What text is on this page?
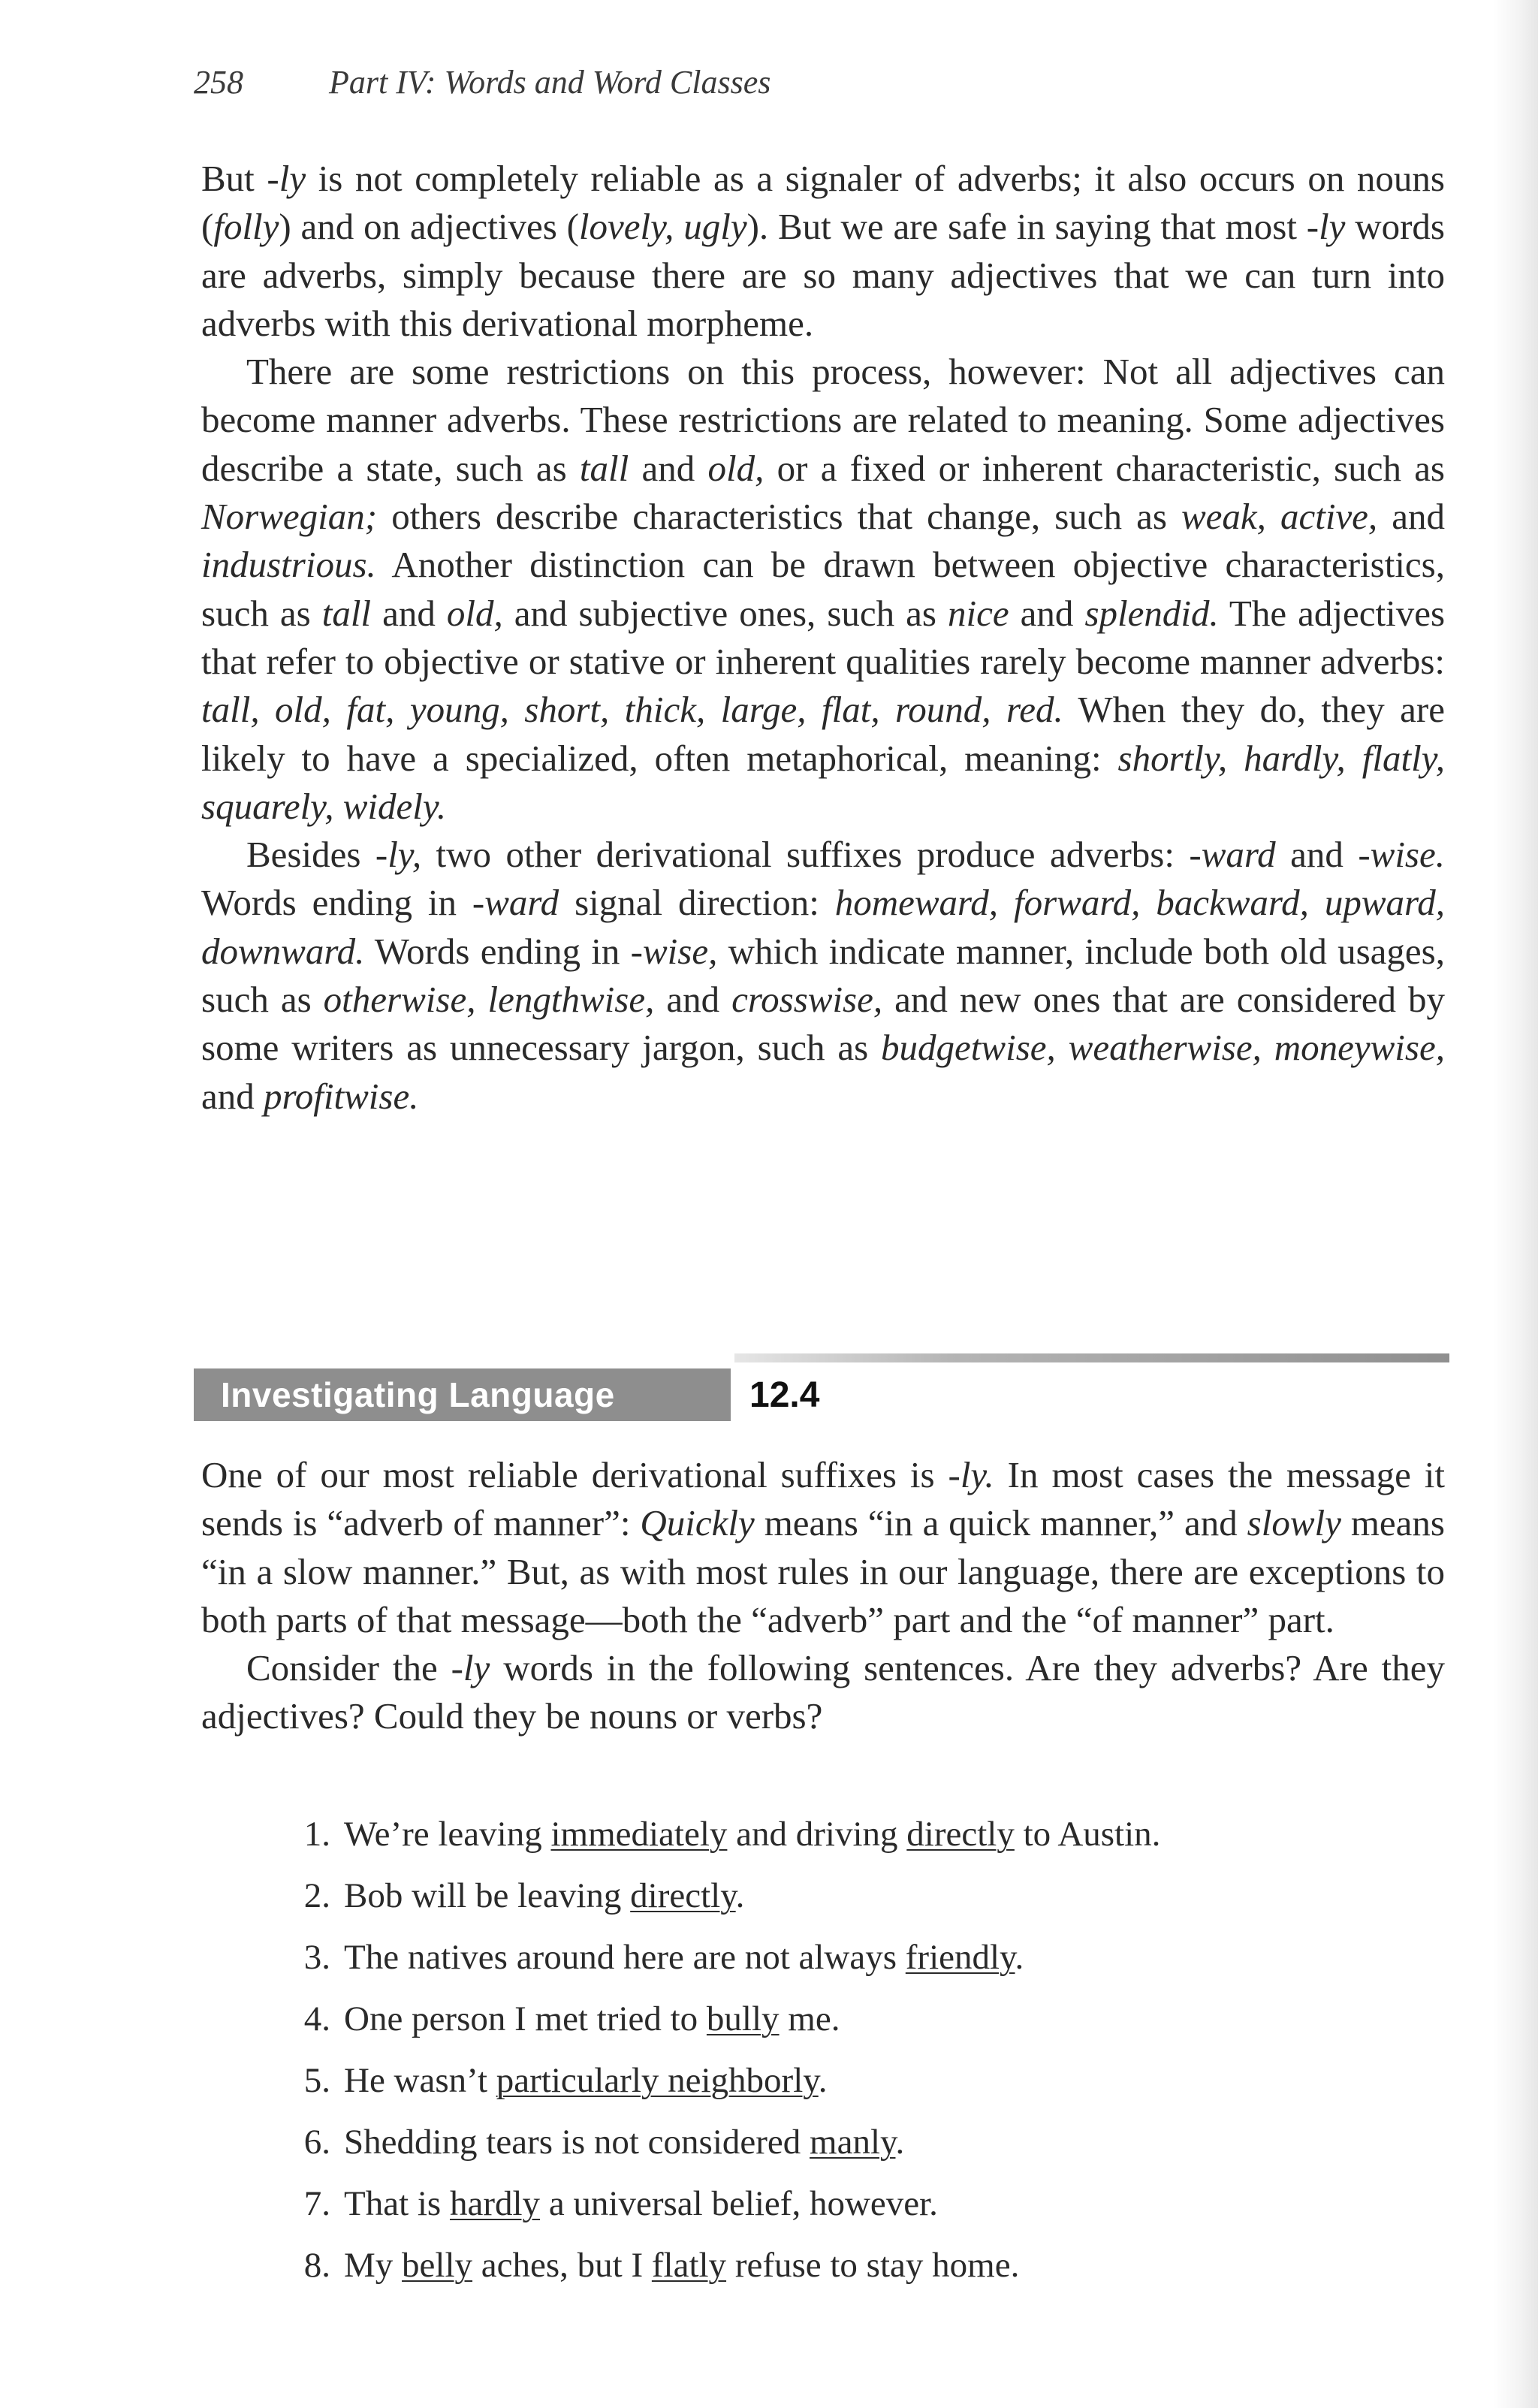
258	Part IV: Words and Word Classes

But -ly is not completely reliable as a signaler of adverbs; it also occurs on nouns (folly) and on adjectives (lovely, ugly). But we are safe in saying that most -ly words are adverbs, simply because there are so many adjectives that we can turn into adverbs with this derivational morpheme.

There are some restrictions on this process, however: Not all adjectives can become manner adverbs. These restrictions are related to meaning. Some adjectives describe a state, such as tall and old, or a fixed or inherent characteristic, such as Norwegian; others describe characteristics that change, such as weak, active, and industrious. Another distinction can be drawn between objective characteristics, such as tall and old, and subjective ones, such as nice and splendid. The adjectives that refer to objective or stative or inherent qualities rarely become manner adverbs: tall, old, fat, young, short, thick, large, flat, round, red. When they do, they are likely to have a specialized, often metaphorical, meaning: shortly, hardly, flatly, squarely, widely.

Besides -ly, two other derivational suffixes produce adverbs: -ward and -wise. Words ending in -ward signal direction: homeward, forward, backward, upward, downward. Words ending in -wise, which indicate manner, include both old usages, such as otherwise, lengthwise, and crosswise, and new ones that are considered by some writers as unnecessary jargon, such as budgetwise, weatherwise, moneywise, and profitwise.

Investigating Language	12.4

One of our most reliable derivational suffixes is -ly. In most cases the message it sends is “adverb of manner”: Quickly means “in a quick manner,” and slowly means “in a slow manner.” But, as with most rules in our language, there are exceptions to both parts of that message—both the “adverb” part and the “of manner” part.

Consider the -ly words in the following sentences. Are they adverbs? Are they adjectives? Could they be nouns or verbs?

1. We’re leaving immediately and driving directly to Austin.
2. Bob will be leaving directly.
3. The natives around here are not always friendly.
4. One person I met tried to bully me.
5. He wasn’t particularly neighborly.
6. Shedding tears is not considered manly.
7. That is hardly a universal belief, however.
8. My belly aches, but I flatly refuse to stay home.
